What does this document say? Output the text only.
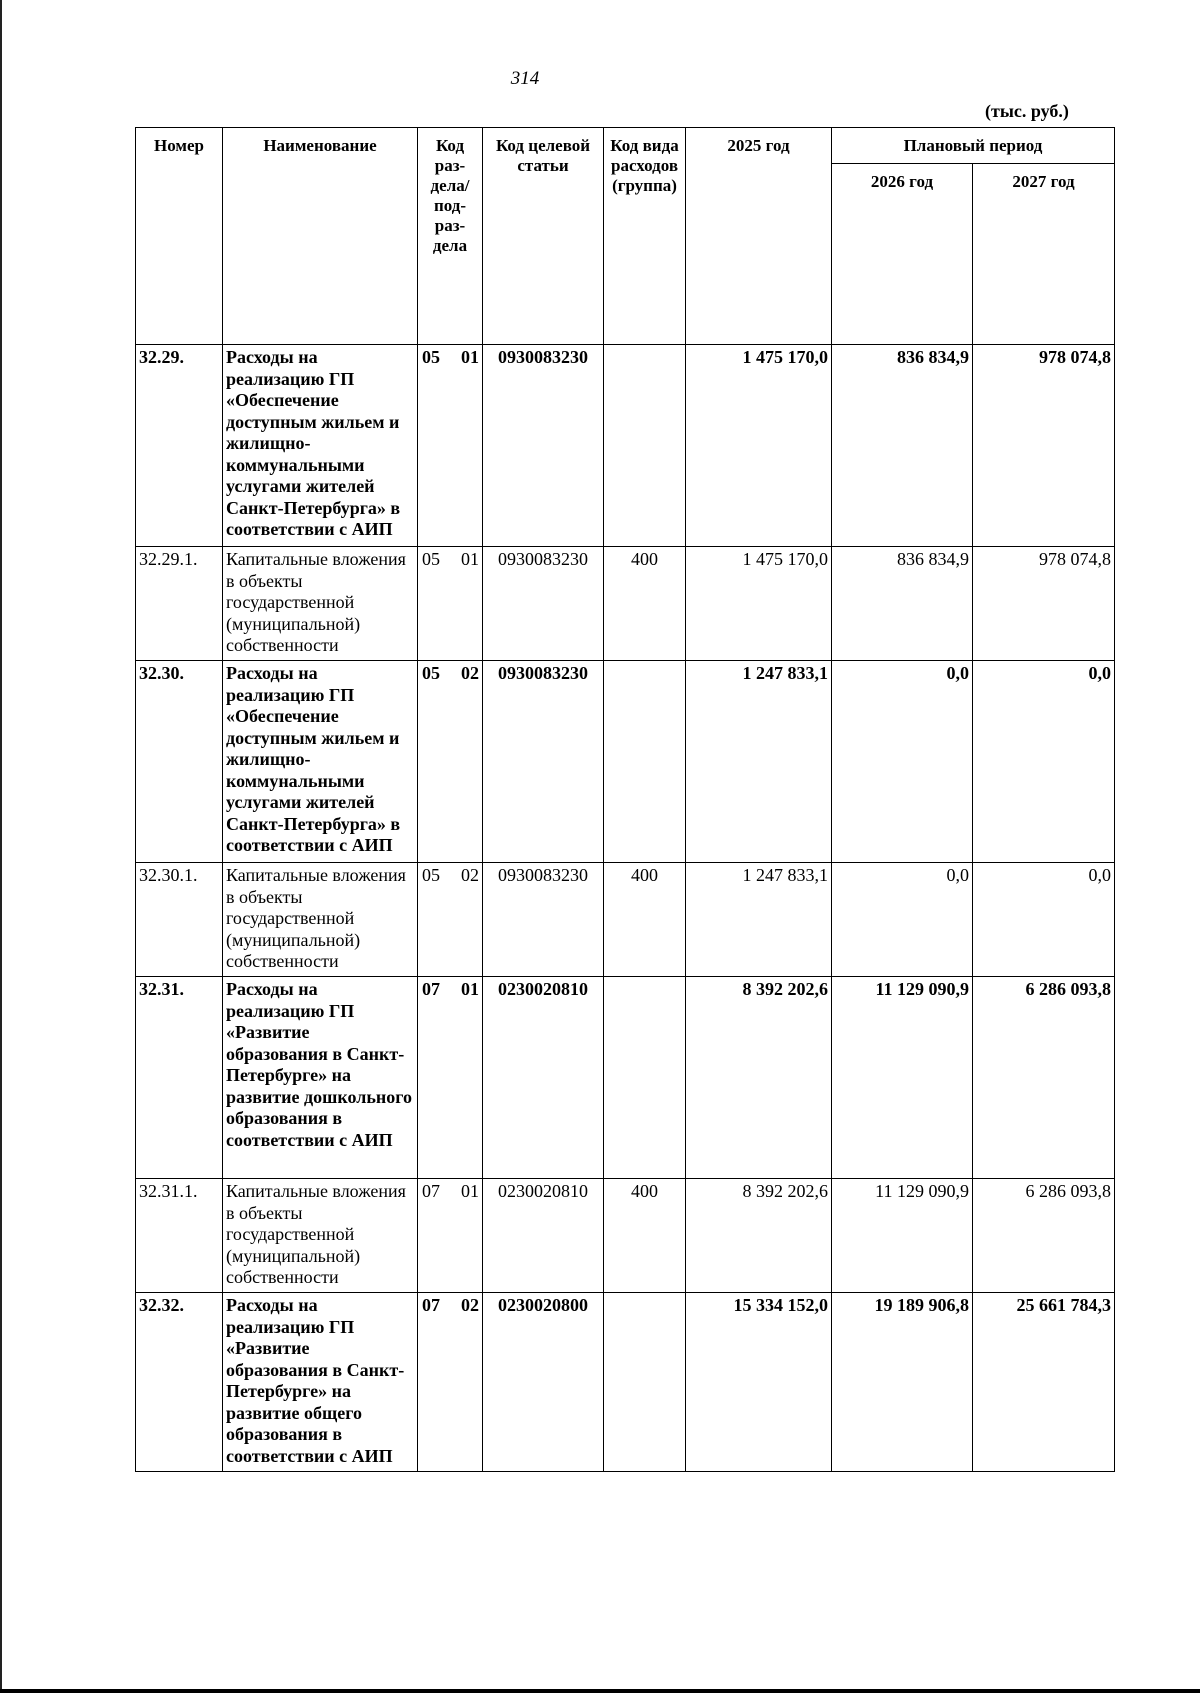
314
(тыс. руб.)
Номер	Наименование	Код раз-дела/ под-раз-дела	Код целевой статьи	Код вида расходов (группа)	2025 год	Плановый период	
						2026 год	2027 год
32.29.	Расходы на реализацию ГП «Обеспечение доступным жильем и жилищно-коммунальными услугами жителей Санкт-Петербурга» в соответствии с АИП	05 01	0930083230		1 475 170,0	836 834,9	978 074,8
32.29.1.	Капитальные вложения в объекты государственной (муниципальной) собственности	05 01	0930083230	400	1 475 170,0	836 834,9	978 074,8
32.30.	Расходы на реализацию ГП «Обеспечение доступным жильем и жилищно-коммунальными услугами жителей Санкт-Петербурга» в соответствии с АИП	05 02	0930083230		1 247 833,1	0,0	0,0
32.30.1.	Капитальные вложения в объекты государственной (муниципальной) собственности	05 02	0930083230	400	1 247 833,1	0,0	0,0
32.31.	Расходы на реализацию ГП «Развитие образования в Санкт-Петербурге» на развитие дошкольного образования в соответствии с АИП	07 01	0230020810		8 392 202,6	11 129 090,9	6 286 093,8
32.31.1.	Капитальные вложения в объекты государственной (муниципальной) собственности	07 01	0230020810	400	8 392 202,6	11 129 090,9	6 286 093,8
32.32.	Расходы на реализацию ГП «Развитие образования в Санкт-Петербурге» на развитие общего образования в соответствии с АИП	07 02	0230020800		15 334 152,0	19 189 906,8	25 661 784,3
